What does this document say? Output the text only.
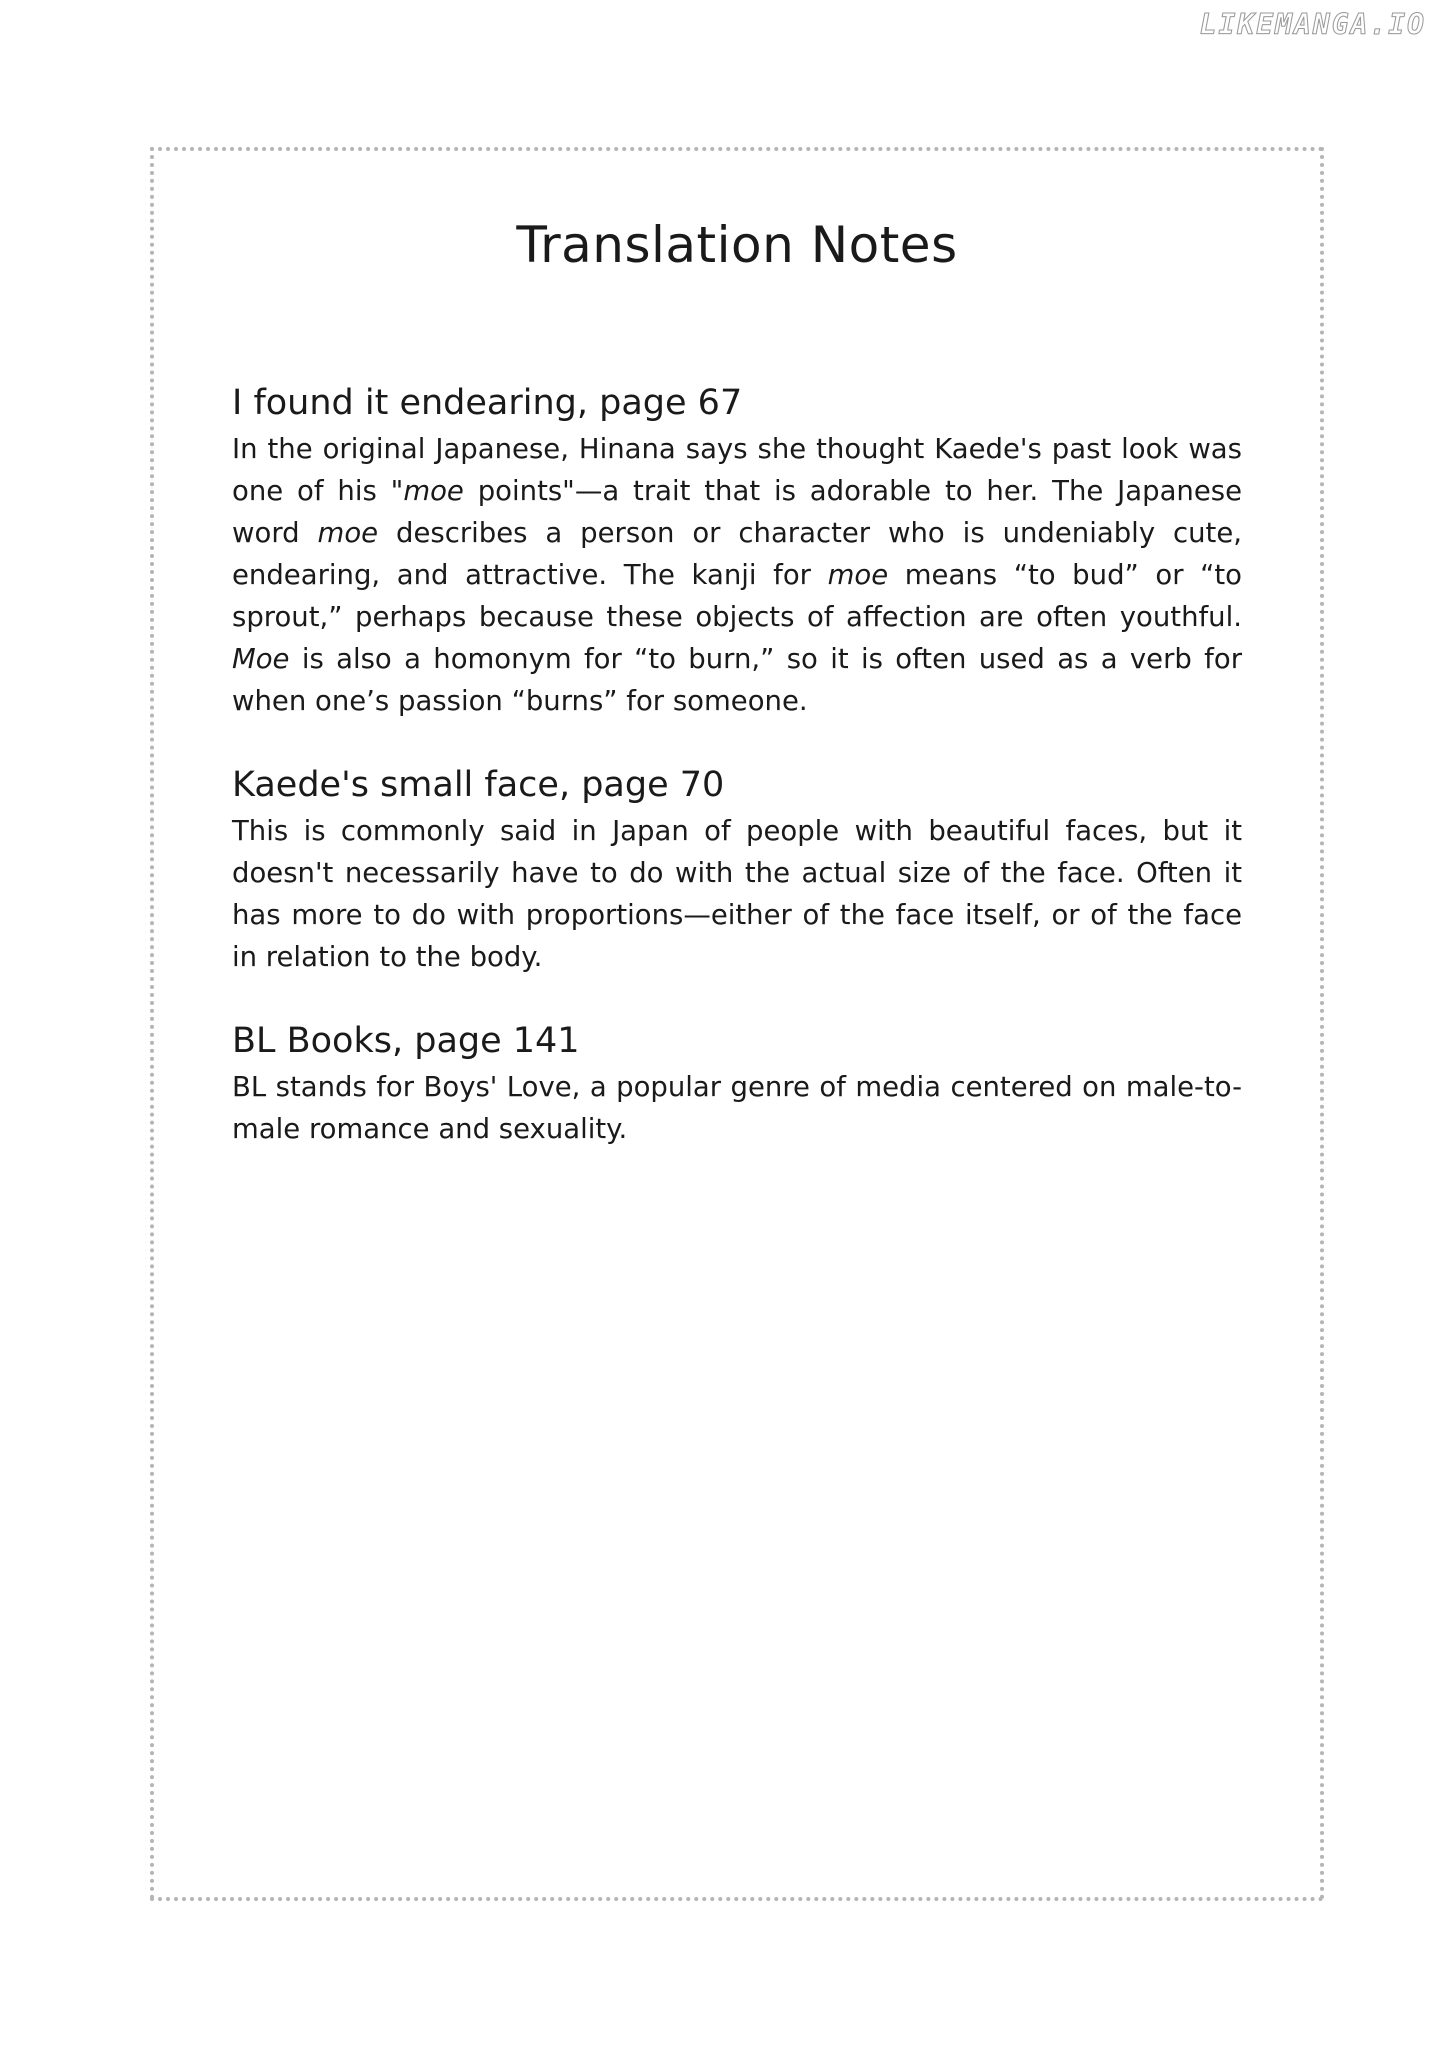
LIKEMANGA.IO
Translation Notes
I found it endearing, page 67

In the original Japanese, Hinana says she thought Kaede's past look was one of his "moe points"—a trait that is adorable to her. The Japanese word moe describes a person or character who is undeniably cute, endearing, and attractive. The kanji for moe means “to bud” or “to sprout,” perhaps because these objects of affection are often youthful. Moe is also a homonym for “to burn,” so it is often used as a verb for when one’s passion “burns” for someone.

Kaede's small face, page 70

This is commonly said in Japan of people with beautiful faces, but it doesn't necessarily have to do with the actual size of the face. Often it has more to do with proportions—either of the face itself, or of the face in relation to the body.

BL Books, page 141

BL stands for Boys' Love, a popular genre of media centered on male-to-male romance and sexuality.
